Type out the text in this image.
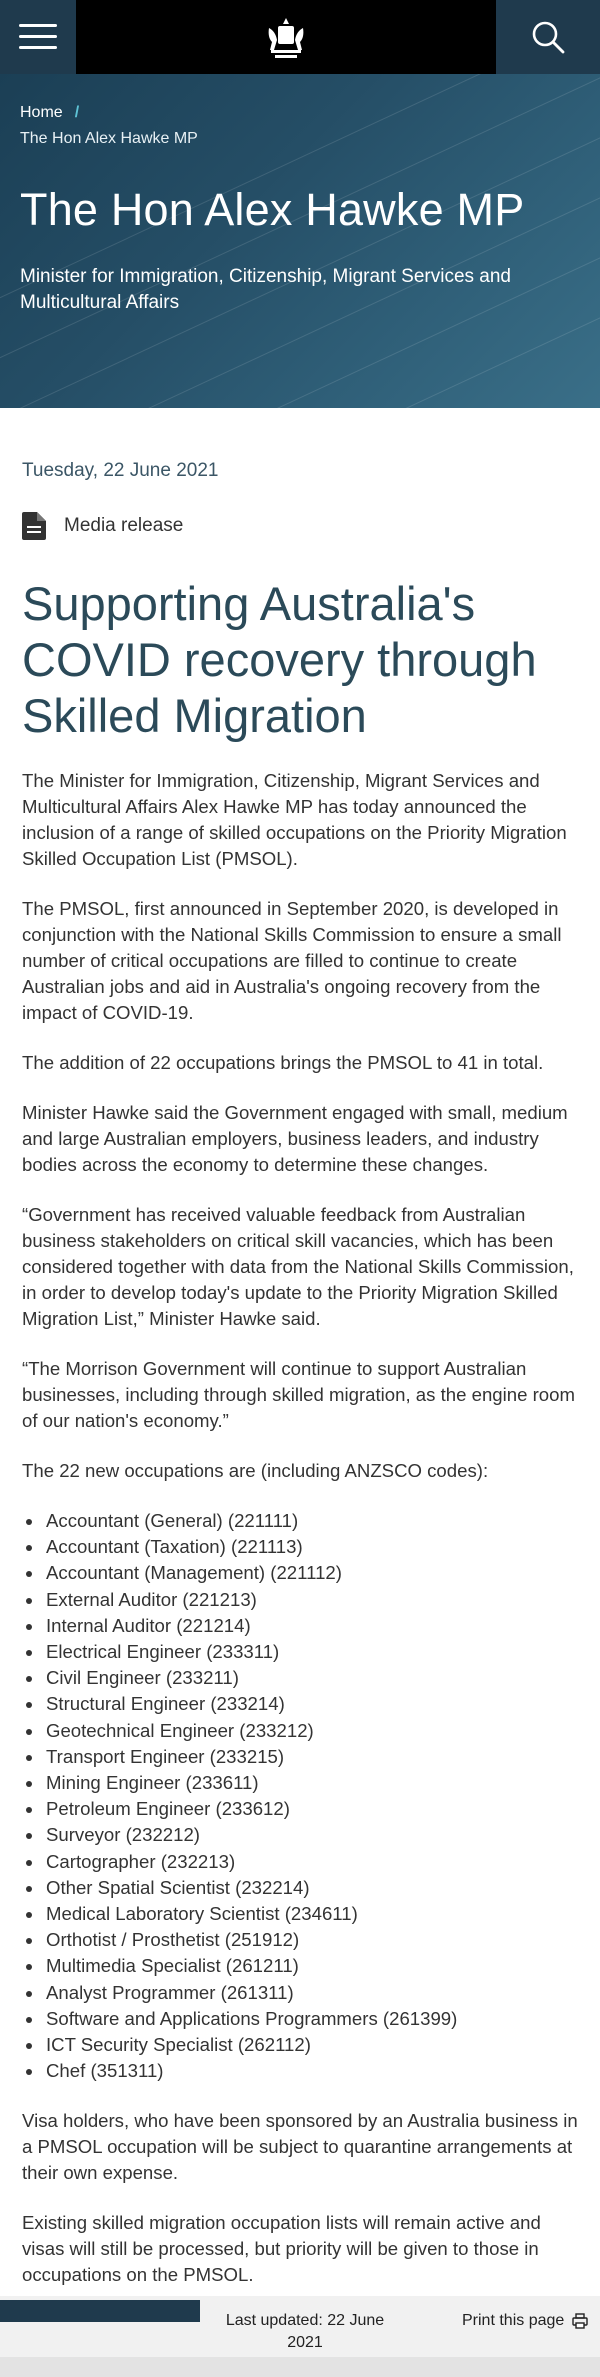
Home /
The Hon Alex Hawke MP
The Hon Alex Hawke MP

Minister for Immigration, Citizenship, Migrant Services and Multicultural Affairs

Tuesday, 22 June 2021

Media release
Supporting Australia's COVID recovery through Skilled Migration

The Minister for Immigration, Citizenship, Migrant Services and Multicultural Affairs Alex Hawke MP has today announced the inclusion of a range of skilled occupations on the Priority Migration Skilled Occupation List (PMSOL).

The PMSOL, first announced in September 2020, is developed in conjunction with the National Skills Commission to ensure a small number of critical occupations are filled to continue to create Australian jobs and aid in Australia's ongoing recovery from the impact of COVID-19.

The addition of 22 occupations brings the PMSOL to 41 in total.

Minister Hawke said the Government engaged with small, medium and large Australian employers, business leaders, and industry bodies across the economy to determine these changes.

“Government has received valuable feedback from Australian business stakeholders on critical skill vacancies, which has been considered together with data from the National Skills Commission, in order to develop today's update to the Priority Migration Skilled Migration List,” Minister Hawke said.

“The Morrison Government will continue to support Australian businesses, including through skilled migration, as the engine room of our nation's economy.”

The 22 new occupations are (including ANZSCO codes):

• Accountant (General) (221111)
• Accountant (Taxation) (221113)
• Accountant (Management) (221112)
• External Auditor (221213)
• Internal Auditor (221214)
• Electrical Engineer (233311)
• Civil Engineer (233211)
• Structural Engineer (233214)
• Geotechnical Engineer (233212)
• Transport Engineer (233215)
• Mining Engineer (233611)
• Petroleum Engineer (233612)
• Surveyor (232212)
• Cartographer (232213)
• Other Spatial Scientist (232214)
• Medical Laboratory Scientist (234611)
• Orthotist / Prosthetist (251912)
• Multimedia Specialist (261211)
• Analyst Programmer (261311)
• Software and Applications Programmers (261399)
• ICT Security Specialist (262112)
• Chef (351311)

Visa holders, who have been sponsored by an Australia business in a PMSOL occupation will be subject to quarantine arrangements at their own expense.

Existing skilled migration occupation lists will remain active and visas will still be processed, but priority will be given to those in occupations on the PMSOL.

Last updated: 22 June 2021
Print this page
